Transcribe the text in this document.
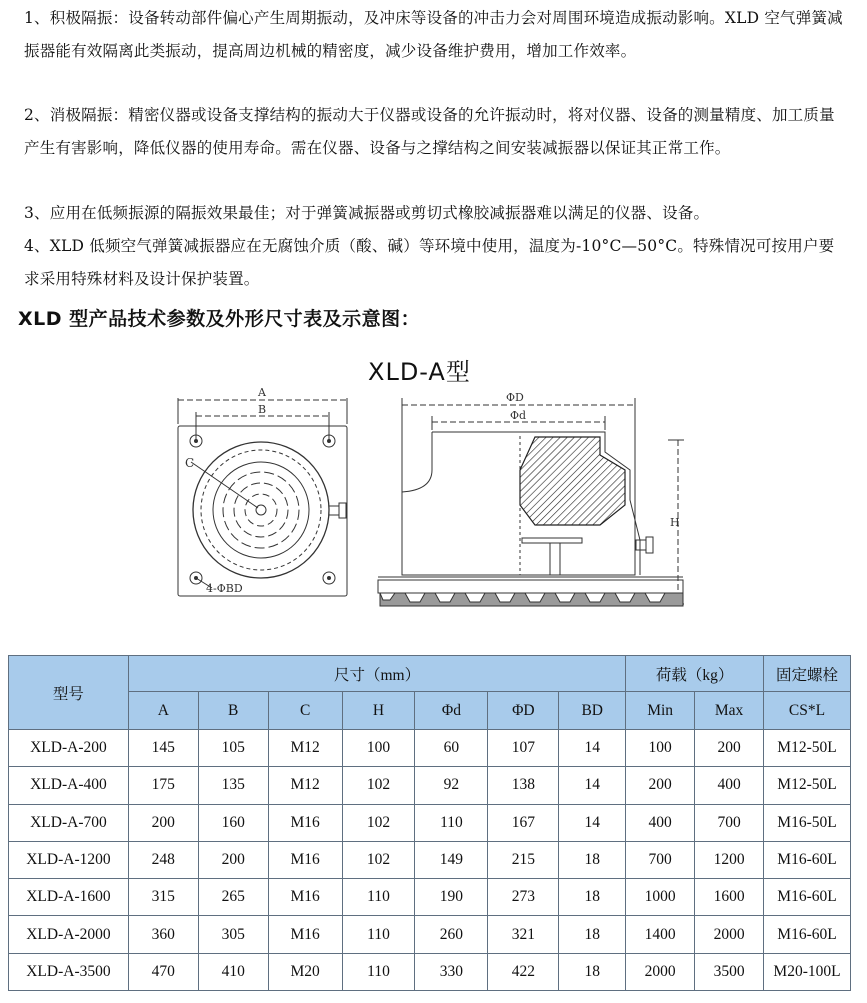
1、积极隔振：设备转动部件偏心产生周期振动，及冲床等设备的冲击力会对周围环境造成振动影响。XLD 空气弹簧减振器能有效隔离此类振动，提高周边机械的精密度，减少设备维护费用，增加工作效率。
2、消极隔振：精密仪器或设备支撑结构的振动大于仪器或设备的允许振动时，将对仪器、设备的测量精度、加工质量产生有害影响，降低仪器的使用寿命。需在仪器、设备与之撑结构之间安装减振器以保证其正常工作。
3、应用在低频振源的隔振效果最佳；对于弹簧减振器或剪切式橡胶减振器难以满足的仪器、设备。
4、XLD 低频空气弹簧减振器应在无腐蚀介质（酸、碱）等环境中使用，温度为-10°C—50°C。特殊情况可按用户要求采用特殊材料及设计保护装置。
XLD 型产品技术参数及外形尺寸表及示意图：
XLD-A型
A
B
C
4-ΦBD
ΦD
Φd
H
型号	尺寸（mm）							荷载（kg）		固定螺栓
	A	B	C	H	Φd	ΦD	BD	Min	Max	CS*L
XLD-A-200	145	105	M12	100	60	107	14	100	200	M12-50L
XLD-A-400	175	135	M12	102	92	138	14	200	400	M12-50L
XLD-A-700	200	160	M16	102	110	167	14	400	700	M16-50L
XLD-A-1200	248	200	M16	102	149	215	18	700	1200	M16-60L
XLD-A-1600	315	265	M16	110	190	273	18	1000	1600	M16-60L
XLD-A-2000	360	305	M16	110	260	321	18	1400	2000	M16-60L
XLD-A-3500	470	410	M20	110	330	422	18	2000	3500	M20-100L
